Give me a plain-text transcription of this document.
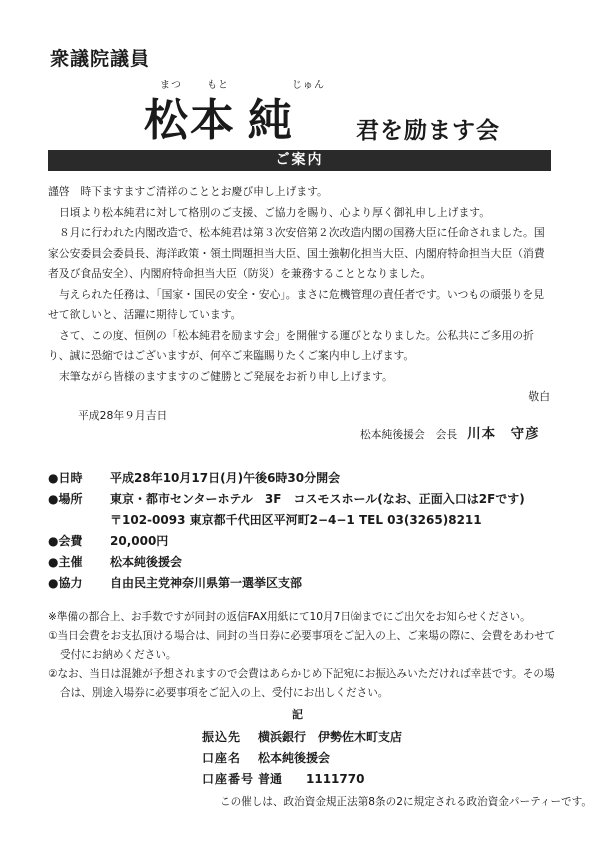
衆議院議員
まつ	もと	じゅん
松本 純	君を励ます会
ご案内

謹啓　時下ますますご清祥のこととお慶び申し上げます。

日頃より松本純君に対して格別のご支援、ご協力を賜り、心より厚く御礼申し上げます。

８月に行われた内閣改造で、松本純君は第３次安倍第２次改造内閣の国務大臣に任命されました。国家公安委員会委員長、海洋政策・領土問題担当大臣、国土強靭化担当大臣、内閣府特命担当大臣（消費者及び食品安全）、内閣府特命担当大臣（防災）を兼務することとなりました。

与えられた任務は、「国家・国民の安全・安心」。まさに危機管理の責任者です。いつもの頑張りを見せて欲しいと、活躍に期待しています。

さて、この度、恒例の「松本純君を励ます会」を開催する運びとなりました。公私共にご多用の折り、誠に恐縮ではございますが、何卒ご来臨賜りたくご案内申し上げます。

末筆ながら皆様のますますのご健勝とご発展をお祈り申し上げます。

敬白
平成28年９月吉日
松本純後援会　会長 川本　守彦
●日時	平成28年10月17日(月)午後6時30分開会
●場所	東京・都市センターホテル　3F　コスモスホール(なお、正面入口は2Fです)
〒102-0093 東京都千代田区平河町2−4−1 TEL 03(3265)8211
●会費	20,000円
●主催	松本純後援会
●協力	自由民主党神奈川県第一選挙区支部

※準備の都合上、お手数ですが同封の返信FAX用紙にて10月7日㈮までにご出欠をお知らせください。

①当日会費をお支払頂ける場合は、同封の当日券に必要事項をご記入の上、ご来場の際に、会費をあわせて受付にお納めください。

②なお、当日は混雑が予想されますので会費はあらかじめ下記宛にお振込みいただければ幸甚です。その場合は、別途入場券に必要事項をご記入の上、受付にお出しください。

記
振込先	横浜銀行　伊勢佐木町支店
口座名	松本純後援会
口座番号 普通　　1111770
この催しは、政治資金規正法第8条の2に規定される政治資金パーティーです。
